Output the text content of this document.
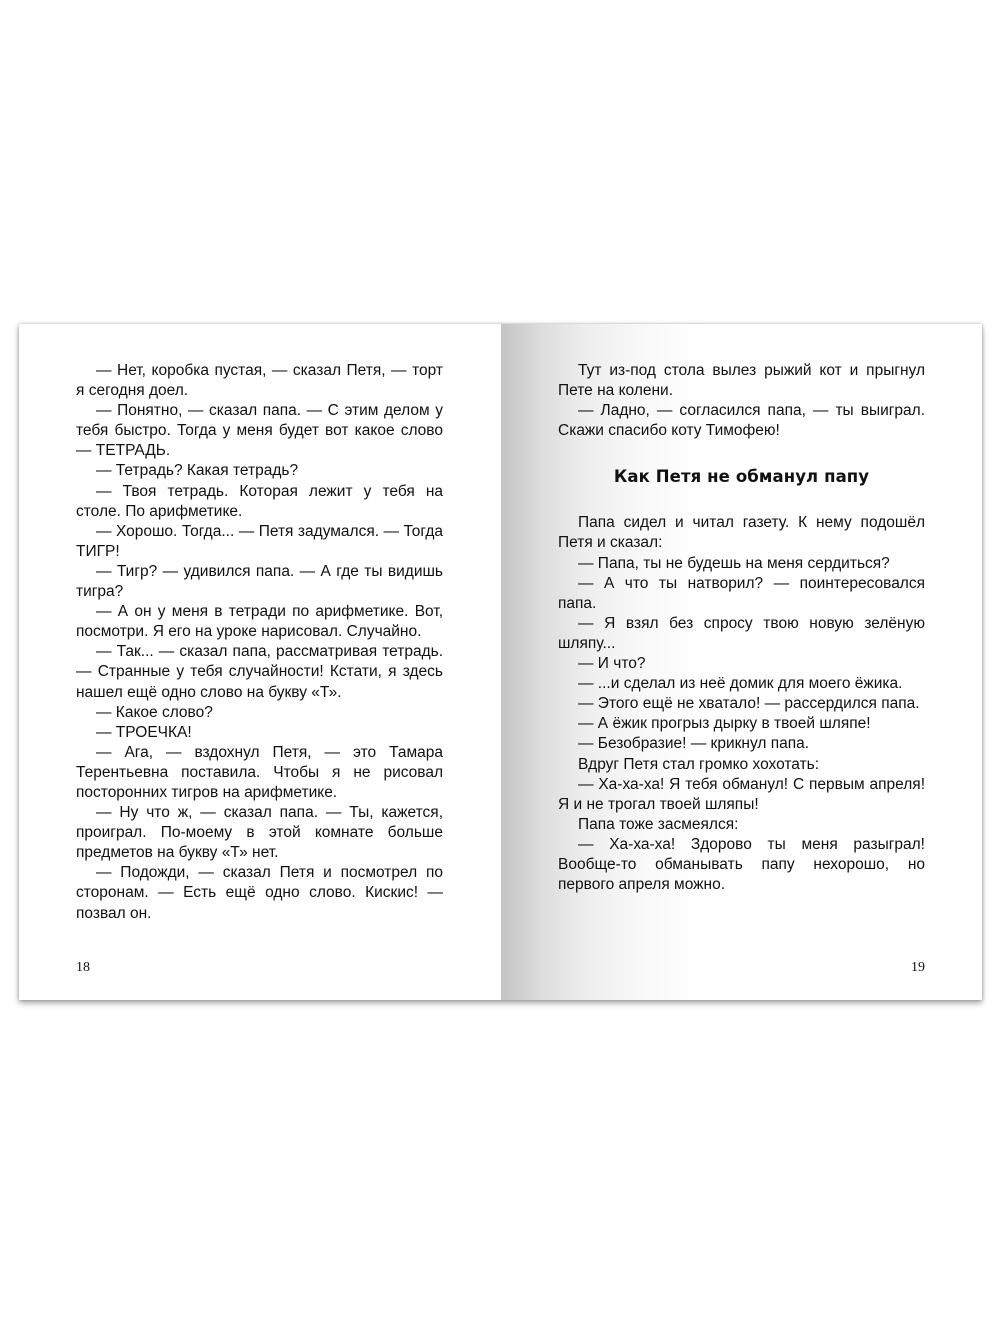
— Нет, коробка пустая, — сказал Петя, — торт я сегодня доел.

— Понятно, — сказал папа. — С этим делом у тебя быстро. Тогда у меня будет вот какое слово — ТЕТРАДЬ.

— Тетрадь? Какая тетрадь?

— Твоя тетрадь. Которая лежит у тебя на столе. По арифметике.

— Хорошо. Тогда... — Петя задумался. — Тогда ТИГР!

— Тигр? — удивился папа. — А где ты видишь тигра?

— А он у меня в тетради по арифметике. Вот, посмотри. Я его на уроке нарисовал. Случайно.

— Так... — сказал папа, рассматривая тетрадь. — Странные у тебя случайности! Кстати, я здесь нашел ещё одно слово на букву «Т».

— Какое слово?

— ТРОЕЧКА!

— Ага, — вздохнул Петя, — это Тамара Терентьевна поставила. Чтобы я не рисовал посторонних тигров на арифметике.

— Ну что ж, — сказал папа. — Ты, кажется, проиграл. По-моему в этой комнате больше предметов на букву «Т» нет.

— Подожди, — сказал Петя и посмотрел по сторонам. — Есть ещё одно слово. Кискис! — позвал он.

18

Тут из-под стола вылез рыжий кот и прыгнул Пете на колени.

— Ладно, — согласился папа, — ты выиграл. Скажи спасибо коту Тимофею!

Как Петя не обманул папу

Папа сидел и читал газету. К нему подошёл Петя и сказал:

— Папа, ты не будешь на меня сердиться?

— А что ты натворил? — поинтересовался папа.

— Я взял без спросу твою новую зелёную шляпу...

— И что?

— ...и сделал из неё домик для моего ёжика.

— Этого ещё не хватало! — рассердился папа.

— А ёжик прогрыз дырку в твоей шляпе!

— Безобразие! — крикнул папа.

Вдруг Петя стал громко хохотать:

— Ха-ха-ха! Я тебя обманул! С первым апреля! Я и не трогал твоей шляпы!

Папа тоже засмеялся:

— Ха-ха-ха! Здорово ты меня разыграл! Вообще-то обманывать папу нехорошо, но первого апреля можно.

19
